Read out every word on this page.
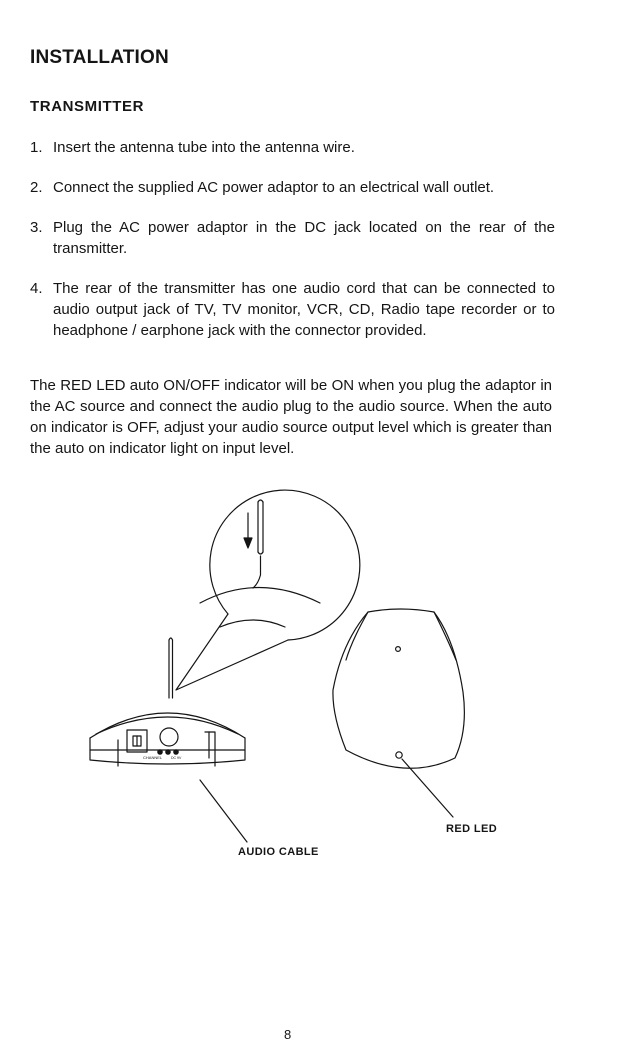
INSTALLATION
TRANSMITTER
1. Insert the antenna tube into the antenna wire.
2. Connect the supplied AC power adaptor to an electrical wall outlet.
3. Plug the AC power adaptor in the DC jack located on the rear of the transmitter.
4. The rear of the transmitter has one audio cord that can be connected to audio output jack of TV, TV monitor, VCR, CD, Radio tape recorder or to headphone / earphone jack with the connector provided.

The RED LED auto ON/OFF indicator will be ON when you plug the adaptor in the AC source and connect the audio plug to the audio source. When the auto on indicator is OFF, adjust your audio source output level which is greater than the auto on indicator light on input level.

CHANNEL	DC 9V
RED LED
AUDIO CABLE
8
